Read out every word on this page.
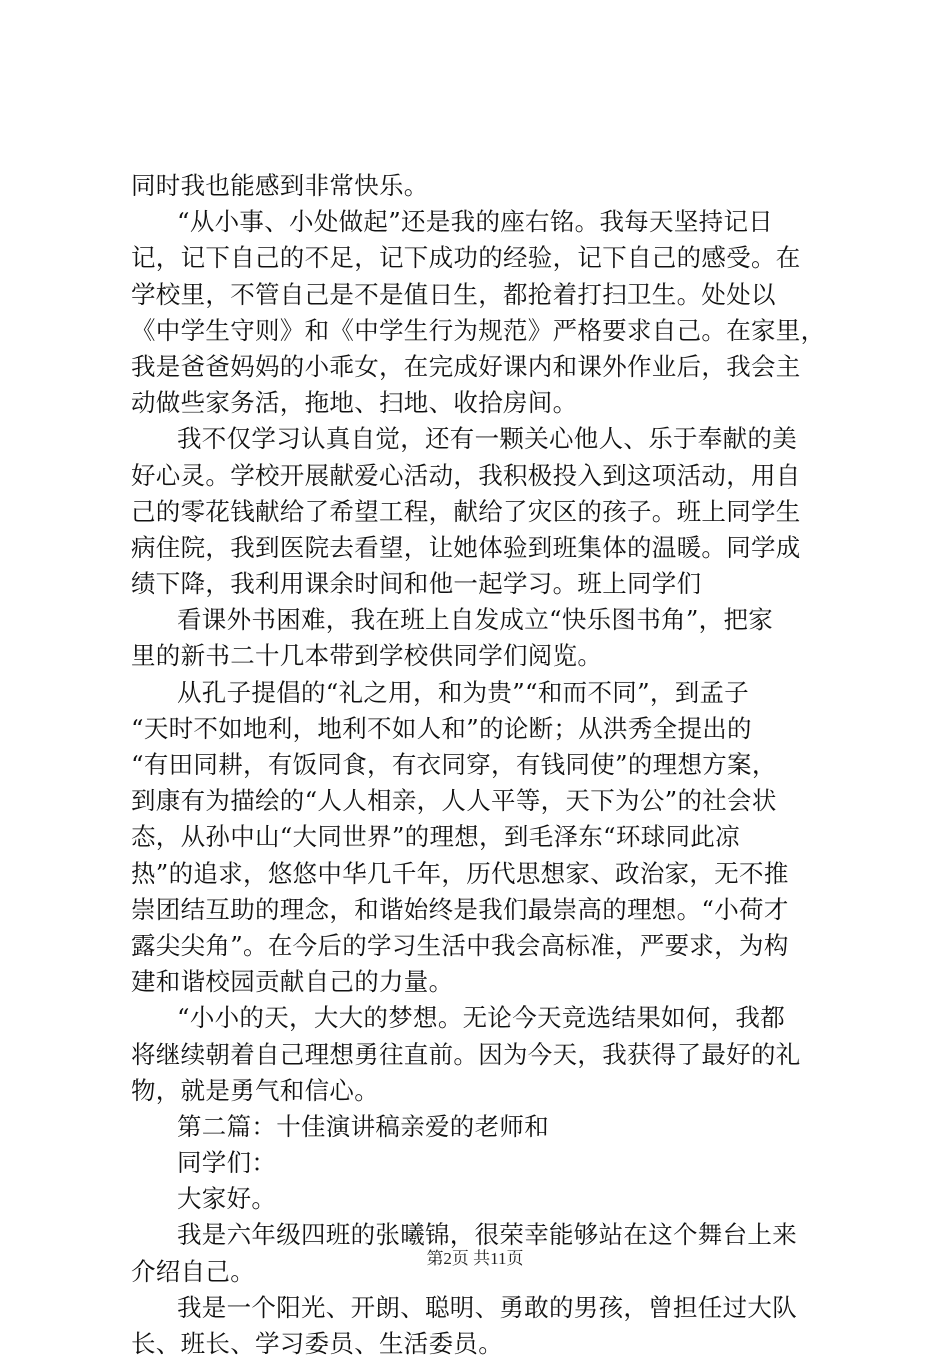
同时我也能感到非常快乐。
“从小事、小处做起”还是我的座右铭。我每天坚持记日
记，记下自己的不足，记下成功的经验，记下自己的感受。在
学校里，不管自己是不是值日生，都抢着打扫卫生。处处以
《中学生守则》和《中学生行为规范》严格要求自己。在家里，
我是爸爸妈妈的小乖女，在完成好课内和课外作业后，我会主
动做些家务活，拖地、扫地、收拾房间。
我不仅学习认真自觉，还有一颗关心他人、乐于奉献的美
好心灵。学校开展献爱心活动，我积极投入到这项活动，用自
己的零花钱献给了希望工程，献给了灾区的孩子。班上同学生
病住院，我到医院去看望，让她体验到班集体的温暖。同学成
绩下降，我利用课余时间和他一起学习。班上同学们
看课外书困难，我在班上自发成立“快乐图书角”，把家
里的新书二十几本带到学校供同学们阅览。
从孔子提倡的“礼之用，和为贵”“和而不同”，到孟子
“天时不如地利，地利不如人和”的论断；从洪秀全提出的
“有田同耕，有饭同食，有衣同穿，有钱同使”的理想方案，
到康有为描绘的“人人相亲，人人平等，天下为公”的社会状
态，从孙中山“大同世界”的理想，到毛泽东“环球同此凉
热”的追求，悠悠中华几千年，历代思想家、政治家，无不推
崇团结互助的理念，和谐始终是我们最崇高的理想。“小荷才
露尖尖角”。在今后的学习生活中我会高标准，严要求，为构
建和谐校园贡献自己的力量。
“小小的天，大大的梦想。无论今天竞选结果如何，我都
将继续朝着自己理想勇往直前。因为今天，我获得了最好的礼
物，就是勇气和信心。
第二篇：十佳演讲稿亲爱的老师和
同学们：
大家好。
我是六年级四班的张曦锦，很荣幸能够站在这个舞台上来
介绍自己。
我是一个阳光、开朗、聪明、勇敢的男孩，曾担任过大队
长、班长、学习委员、生活委员。
第2页 共11页
